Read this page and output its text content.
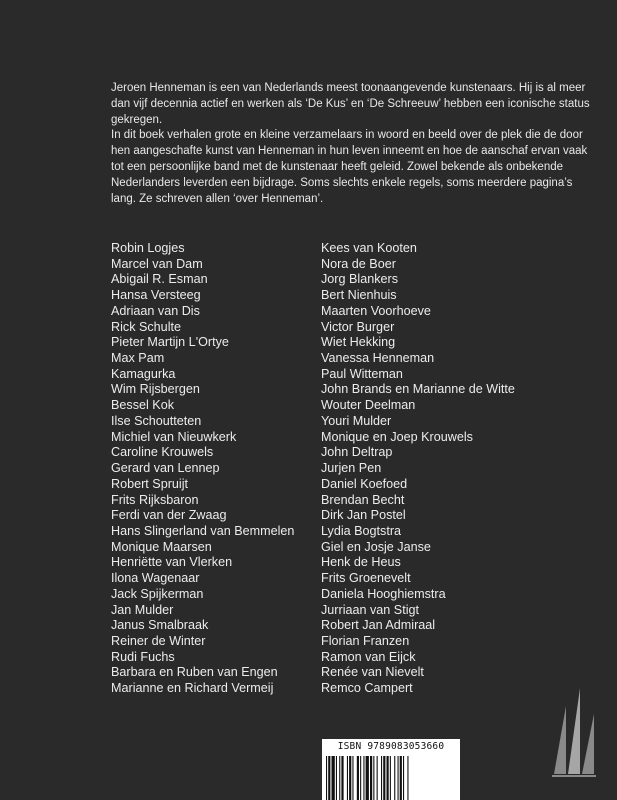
Jeroen Henneman is een van Nederlands meest toonaangevende kunstenaars. Hij is al meer dan vijf decennia actief en werken als ‘De Kus’ en ‘De Schreeuw’ hebben een iconische status gekregen.

In dit boek verhalen grote en kleine verzamelaars in woord en beeld over de plek die de door hen aangeschafte kunst van Henneman in hun leven inneemt en hoe de aanschaf ervan vaak tot een persoonlijke band met de kunstenaar heeft geleid. Zowel bekende als onbekende Nederlanders leverden een bijdrage. Soms slechts enkele regels, soms meerdere pagina’s lang. Ze schreven allen ‘over Henneman’.

Robin Logjes
Marcel van Dam
Abigail R. Esman
Hansa Versteeg
Adriaan van Dis
Rick Schulte
Pieter Martijn L'Ortye
Max Pam
Kamagurka
Wim Rijsbergen
Bessel Kok
Ilse Schoutteten
Michiel van Nieuwkerk
Caroline Krouwels
Gerard van Lennep
Robert Spruijt
Frits Rijksbaron
Ferdi van der Zwaag
Hans Slingerland van Bemmelen
Monique Maarsen
Henriëtte van Vlerken
Ilona Wagenaar
Jack Spijkerman
Jan Mulder
Janus Smalbraak
Reiner de Winter
Rudi Fuchs
Barbara en Ruben van Engen
Marianne en Richard Vermeij
Kees van Kooten
Nora de Boer
Jorg Blankers
Bert Nienhuis
Maarten Voorhoeve
Victor Burger
Wiet Hekking
Vanessa Henneman
Paul Witteman
John Brands en Marianne de Witte
Wouter Deelman
Youri Mulder
Monique en Joep Krouwels
John Deltrap
Jurjen Pen
Daniel Koefoed
Brendan Becht
Dirk Jan Postel
Lydia Bogtstra
Giel en Josje Janse
Henk de Heus
Frits Groenevelt
Daniela Hooghiemstra
Jurriaan van Stigt
Robert Jan Admiraal
Florian Franzen
Ramon van Eijck
Renée van Nievelt
Remco Campert
ISBN 9789083053660
